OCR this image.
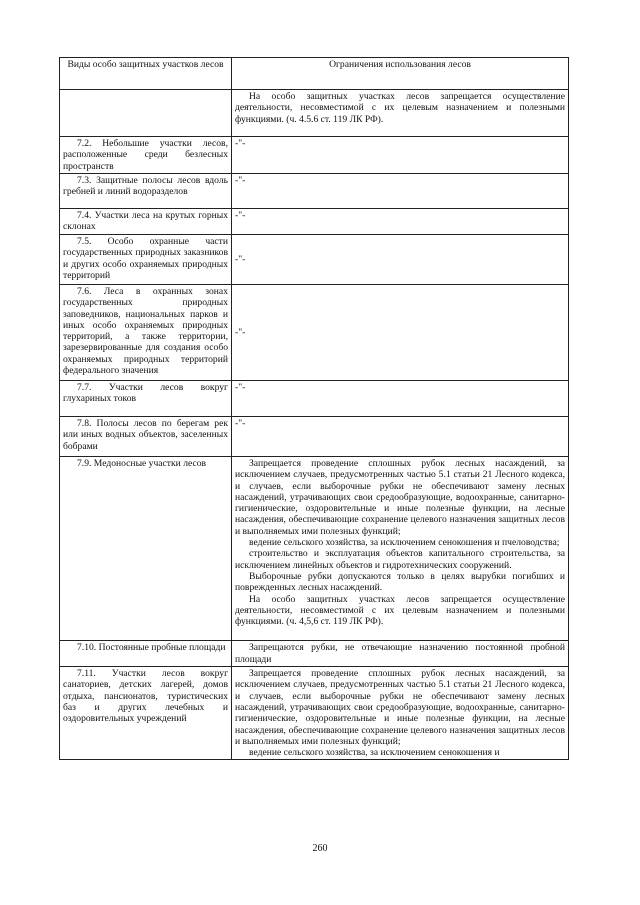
Виды особо защитных участков лесов	Ограничения использования лесов

	На особо защитных участках лесов запрещается осуществление деятельности, несовместимой с их целевым назначением и полезными функциями. (ч. 4.5.6 ст. 119 ЛК РФ).

7.2. Небольшие участки лесов, расположенные среди безлесных пространств	-"-
7.3. Защитные полосы лесов вдоль гребней и линий водоразделов	-"-
7.4. Участки леса на крутых горных склонах	-"-
7.5. Особо охранные части государственных природных заказников и других особо охраняемых природных территорий	-"-
7.6. Леса в охранных зонах государственных природных заповедников, национальных парков и иных особо охраняемых природных территорий, а также территории, зарезервированные для создания особо охраняемых природных территорий федерального значения	-"-
7.7. Участки лесов вокруг глухариных токов	-"-
7.8. Полосы лесов по берегам рек или иных водных объектов, заселенных бобрами	-"-
7.9. Медоносные участки лесов	Запрещается проведение сплошных рубок лесных насаждений, за исключением случаев, предусмотренных частью 5.1 статьи 21 Лесного кодекса, и случаев, если выборочные рубки не обеспечивают замену лесных насаждений, утрачивающих свои средообразующие, водоохранные, санитарно-гигиенические, оздоровительные и иные полезные функции, на лесные насаждения, обеспечивающие сохранение целевого назначения защитных лесов и выполняемых ими полезных функций;

ведение сельского хозяйства, за исключением сенокошения и пчеловодства;

строительство и эксплуатация объектов капитального строительства, за исключением линейных объектов и гидротехнических сооружений.

Выборочные рубки допускаются только в целях вырубки погибших и поврежденных лесных насаждений.

На особо защитных участках лесов запрещается осуществление деятельности, несовместимой с их целевым назначением и полезными функциями. (ч. 4,5,6 ст. 119 ЛК РФ).

7.10. Постоянные пробные площади	Запрещаются рубки, не отвечающие назначению постоянной пробной площади

7.11. Участки лесов вокруг санаториев, детских лагерей, домов отдыха, пансионатов, туристических баз и других лечебных и оздоровительных учреждений	Запрещается проведение сплошных рубок лесных насаждений, за исключением случаев, предусмотренных частью 5.1 статьи 21 Лесного кодекса, и случаев, если выборочные рубки не обеспечивают замену лесных насаждений, утрачивающих свои средообразующие, водоохранные, санитарно-гигиенические, оздоровительные и иные полезные функции, на лесные насаждения, обеспечивающие сохранение целевого назначения защитных лесов и выполняемых ими полезных функций;

ведение сельского хозяйства, за исключением сенокошения и

260
